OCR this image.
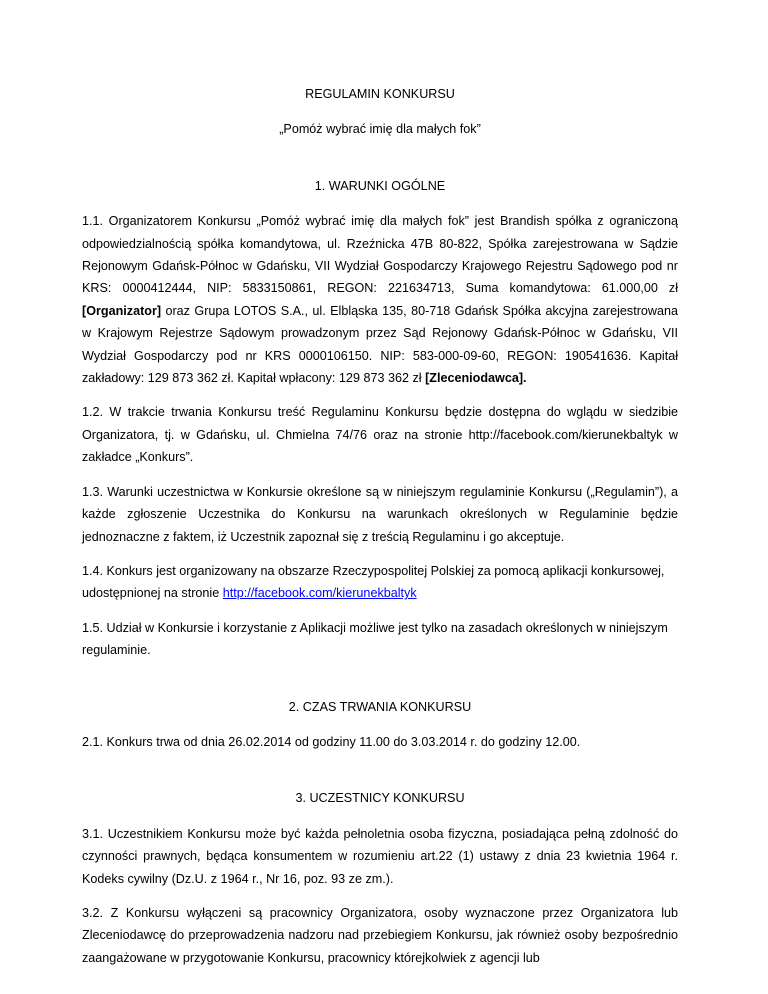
REGULAMIN KONKURSU

„Pomóż wybrać imię dla małych fok”

1. WARUNKI OGÓLNE

1.1. Organizatorem Konkursu „Pomóż wybrać imię dla małych fok” jest Brandish spółka z ograniczoną odpowiedzialnością spółka komandytowa, ul. Rzeźnicka 47B 80-822, Spółka zarejestrowana w Sądzie Rejonowym Gdańsk-Północ w Gdańsku, VII Wydział Gospodarczy Krajowego Rejestru Sądowego pod nr KRS: 0000412444, NIP: 5833150861, REGON: 221634713, Suma komandytowa: 61.000,00 zł [Organizator] oraz Grupa LOTOS S.A., ul. Elbląska 135, 80-718 Gdańsk Spółka akcyjna zarejestrowana w Krajowym Rejestrze Sądowym prowadzonym przez Sąd Rejonowy Gdańsk-Północ w Gdańsku, VII Wydział Gospodarczy pod nr KRS 0000106150. NIP: 583-000-09-60, REGON: 190541636. Kapitał zakładowy: 129 873 362 zł. Kapitał wpłacony: 129 873 362 zł [Zleceniodawca].

1.2. W trakcie trwania Konkursu treść Regulaminu Konkursu będzie dostępna do wglądu w siedzibie Organizatora, tj. w Gdańsku, ul. Chmielna 74/76 oraz na stronie http://facebook.com/kierunekbaltyk w zakładce „Konkurs”.

1.3. Warunki uczestnictwa w Konkursie określone są w niniejszym regulaminie Konkursu („Regulamin”), a każde zgłoszenie Uczestnika do Konkursu na warunkach określonych w Regulaminie będzie jednoznaczne z faktem, iż Uczestnik zapoznał się z treścią Regulaminu i go akceptuje.

1.4. Konkurs jest organizowany na obszarze Rzeczypospolitej Polskiej za pomocą aplikacji konkursowej, udostępnionej na stronie http://facebook.com/kierunekbaltyk

1.5. Udział w Konkursie i korzystanie z Aplikacji możliwe jest tylko na zasadach określonych w niniejszym regulaminie.

2. CZAS TRWANIA KONKURSU

2.1. Konkurs trwa od dnia 26.02.2014 od godziny 11.00 do 3.03.2014 r. do godziny 12.00.

3. UCZESTNICY KONKURSU

3.1. Uczestnikiem Konkursu może być każda pełnoletnia osoba fizyczna, posiadająca pełną zdolność do czynności prawnych, będąca konsumentem w rozumieniu art.22 (1) ustawy z dnia 23 kwietnia 1964 r. Kodeks cywilny (Dz.U. z 1964 r., Nr 16, poz. 93 ze zm.).

3.2. Z Konkursu wyłączeni są pracownicy Organizatora, osoby wyznaczone przez Organizatora lub Zleceniodawcę do przeprowadzenia nadzoru nad przebiegiem Konkursu, jak również osoby bezpośrednio zaangażowane w przygotowanie Konkursu, pracownicy którejkolwiek z agencji lub
